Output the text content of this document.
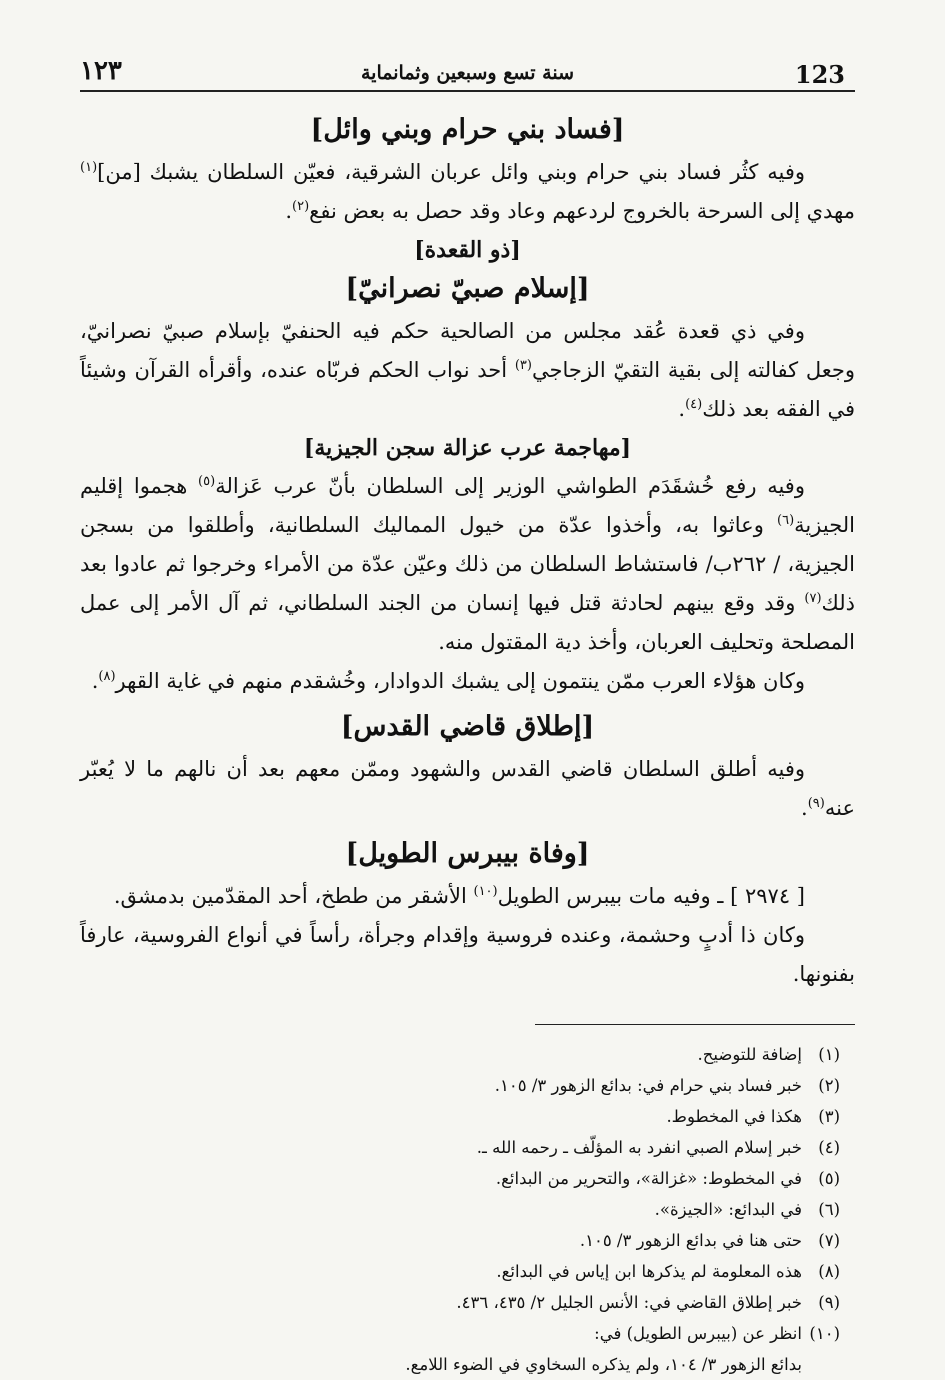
123
سنة تسع وسبعين وثمانماية
١٢٣
[فساد بني حرام وبني وائل]

وفيه كثُر فساد بني حرام وبني وائل عربان الشرقية، فعيّن السلطان يشبك [من]$^{(١)}$ مهدي إلى السرحة بالخروج لردعهم وعاد وقد حصل به بعض نفع$^{(٢)}$.

[ذو القعدة]
[إسلام صبيّ نصرانيّ]

وفي ذي قعدة عُقد مجلس من الصالحية حكم فيه الحنفيّ بإسلام صبيّ نصرانيّ، وجعل كفالته إلى بقية التقيّ الزجاجي$^{(٣)}$ أحد نواب الحكم فربّاه عنده، وأقرأه القرآن وشيئاً في الفقه بعد ذلك$^{(٤)}$.

[مهاجمة عرب عزالة سجن الجيزية]

وفيه رفع خُشقَدَم الطواشي الوزير إلى السلطان بأنّ عرب عَزالة$^{(٥)}$ هجموا إقليم الجيزية$^{(٦)}$ وعاثوا به، وأخذوا عدّة من خيول المماليك السلطانية، وأطلقوا من بسجن الجيزية، / ٢٦٢ب/ فاستشاط السلطان من ذلك وعيّن عدّة من الأمراء وخرجوا ثم عادوا بعد ذلك$^{(٧)}$ وقد وقع بينهم لحادثة قتل فيها إنسان من الجند السلطاني، ثم آل الأمر إلى عمل المصلحة وتحليف العربان، وأخذ دية المقتول منه.

وكان هؤلاء العرب ممّن ينتمون إلى يشبك الدوادار، وخُشقدم منهم في غاية القهر$^{(٨)}$.

[إطلاق قاضي القدس]

وفيه أطلق السلطان قاضي القدس والشهود وممّن معهم بعد أن نالهم ما لا يُعبّر عنه$^{(٩)}$.

[وفاة بيبرس الطويل]

[ ٢٩٧٤ ] ـ وفيه مات بيبرس الطويل$^{(١٠)}$ الأشقر من ططخ، أحد المقدّمين بدمشق.

وكان ذا أدبٍ وحشمة، وعنده فروسية وإقدام وجرأة، رأساً في أنواع الفروسية، عارفاً بفنونها.

(١)
إضافة للتوضيح.
(٢)
خبر فساد بني حرام في: بدائع الزهور ٣/ ١٠٥.
(٣)
هكذا في المخطوط.
(٤)
خبر إسلام الصبي انفرد به المؤلّف ـ رحمه الله ـ.
(٥)
في المخطوط: «غزالة»، والتحرير من البدائع.
(٦)
في البدائع: «الجيزة».
(٧)
حتى هنا في بدائع الزهور ٣/ ١٠٥.
(٨)
هذه المعلومة لم يذكرها ابن إياس في البدائع.
(٩)
خبر إطلاق القاضي في: الأنس الجليل ٢/ ٤٣٥، ٤٣٦.
(١٠)
انظر عن (بيبرس الطويل) في:
بدائع الزهور ٣/ ١٠٤، ولم يذكره السخاوي في الضوء اللامع.
